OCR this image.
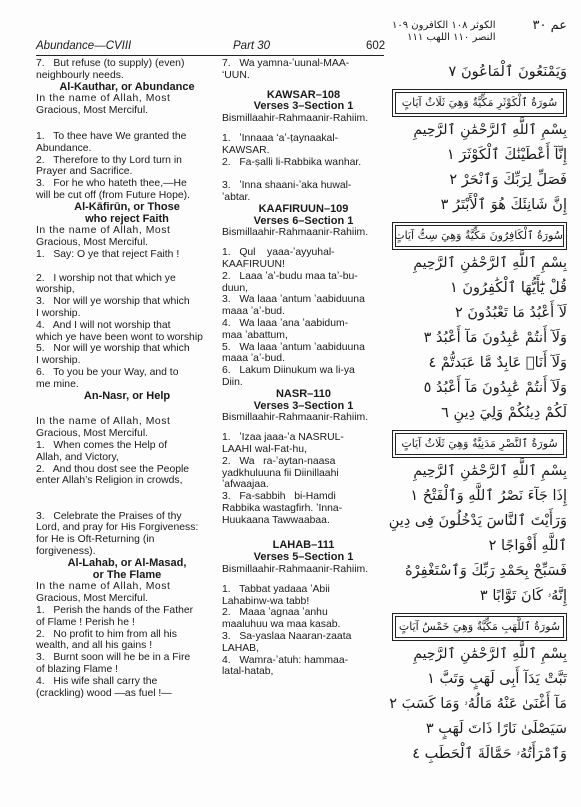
Abundance—CVIII	Part 30	602
عم ٣٠
الكوثر ١٠٨ الكافرون ١٠٩
النصر ١١٠ اللهب ١١١

7.   But refuse (to supply) (even)

neighbourly needs.

Al-Kauthar, or Abundance

In the name of Allah, Most

Gracious, Most Merciful.

1.   To thee have We granted the

Abundance.

2.   Therefore to thy Lord turn in

Prayer and Sacrifice.

3.   For he who hateth thee,—He

will be cut off (from Future Hope).

Al-Kāfirūn, or Those

who reject Faith

In the name of Allah, Most

Gracious, Most Merciful.

1.   Say: O ye that reject Faith !

2.   I worship not that which ye

worship,

3.   Nor will ye worship that which

I worship.

4.   And I will not worship that

which ye have been wont to worship

5.   Nor will ye worship that which

I worship.

6.   To you be your Way, and to

me mine.

An-Nasr, or Help

In the name of Allah, Most

Gracious, Most Merciful.

1.   When comes the Help of

Allah, and Victory,

2.   And thou dost see the People

enter Allah’s Religion in crowds,

3.   Celebrate the Praises of thy

Lord, and pray for His Forgiveness:

for He is Oft-Returning (in

forgiveness).

Al-Lahab, or Al-Masad,

or The Flame

In the name of Allah, Most

Gracious, Most Merciful.

1.   Perish the hands of the Father

of Flame ! Perish he !

2.   No profit to him from all his

wealth, and all his gains !

3.   Burnt soon will he be in a Fire

of blazing Flame !

4.   His wife shall carry the

(crackling) wood —as fuel !—

7.   Wa yamna-ʼuunal-MAA-

ʻUUN.

KAWSAR–108

Verses 3–Section 1

Bismillaahir-Rahmaanir-Rahiim.

1.   ʼInnaaa ʻaʼ-ṭaynaakal-

KAWSAR.

2.   Fa-ṣalli li-Rabbika wanhar.

3.   ʼInna shaani-ʼaka huwal-

ʼabtar.

KAAFIRUUN–109

Verses 6–Section 1

Bismillaahir-Rahmaanir-Rahiim.

1.   Qul    yaaa-ʼayyuhal-

KAAFIRUUN!

2.   Laaa ʼaʼ-budu maa taʼ-bu-

duun,

3.   Wa laaa ʼantum ʼaabiduuna

maaa ʼaʼ-bud.

4.   Wa laaa ʼana ʼaabidum-

maa ʼabattum,

5.   Wa laaa ʼantum ʼaabiduuna

maaa ʼaʼ-bud.

6.   Lakum Diinukum wa li-ya

Diin.

NASR–110

Verses 3–Section 1

Bismillaahir-Rahmaanir-Rahiim.

1.   ʼIzaa jaaa-ʼa NASRUL-

LAAHI wal-Fat-hu,

2.   Wa   ra-ʼaytan-naasa

yadkhuluuna fii Diinillaahi

ʼafwaajaa.

3.   Fa-sabbih   bi-Hamdi

Rabbika wastagfirh. ʼInna-

Huukaana Tawwaabaa.

LAHAB–111

Verses 5–Section 1

Bismillaahir-Rahmaanir-Rahiim.

1.   Tabbat yadaaa ʼAbii

Lahabinw-wa tabb!

2.   Maaa ʼagnaa ʼanhu

maaluhuu wa maa kasab.

3.   Sa-yaslaa Naaran-zaata

LAHAB,

4.   Wamra-ʼatuh: hammaa-

latal-hatab,

وَيَمْنَعُونَ ٱلْمَاعُونَ ٧
سُورَةُ ٱلْكَوْثَرِ مَكِّيَّةٌ وَهِيَ ثَلَاثُ آيَاتٍ
بِسْمِ ٱللَّهِ ٱلرَّحْمَٰنِ ٱلرَّحِيمِ
إِنَّآ أَعْطَيْنَٰكَ ٱلْكَوْثَرَ ١
فَصَلِّ لِرَبِّكَ وَٱنْحَرْ ٢
إِنَّ شَانِئَكَ هُوَ ٱلْأَبْتَرُ ٣
سُورَةُ ٱلْكَافِرُونَ مَكِّيَّةٌ وَهِيَ سِتُّ آيَاتٍ
بِسْمِ ٱللَّهِ ٱلرَّحْمَٰنِ ٱلرَّحِيمِ
قُلْ يَٰٓأَيُّهَا ٱلْكَٰفِرُونَ ١
لَآ أَعْبُدُ مَا تَعْبُدُونَ ٢
وَلَآ أَنتُمْ عَٰبِدُونَ مَآ أَعْبُدُ ٣
وَلَآ أَنَا۠ عَابِدٌ مَّا عَبَدتُّمْ ٤
وَلَآ أَنتُمْ عَٰبِدُونَ مَآ أَعْبُدُ ٥
لَكُمْ دِينُكُمْ وَلِيَ دِينِ ٦
سُورَةُ ٱلنَّصْرِ مَدَنِيَّةٌ وَهِيَ ثَلَاثُ آيَاتٍ
بِسْمِ ٱللَّهِ ٱلرَّحْمَٰنِ ٱلرَّحِيمِ
إِذَا جَآءَ نَصْرُ ٱللَّهِ وَٱلْفَتْحُ ١
وَرَأَيْتَ ٱلنَّاسَ يَدْخُلُونَ فِى دِينِ
ٱللَّهِ أَفْوَاجًا ٢
فَسَبِّحْ بِحَمْدِ رَبِّكَ وَٱسْتَغْفِرْهُ
إِنَّهُۥ كَانَ تَوَّابًا ٣
سُورَةُ ٱللَّهَبِ مَكِّيَّةٌ وَهِيَ خَمْسُ آيَاتٍ
بِسْمِ ٱللَّهِ ٱلرَّحْمَٰنِ ٱلرَّحِيمِ
تَبَّتْ يَدَآ أَبِى لَهَبٍ وَتَبَّ ١
مَآ أَغْنَىٰ عَنْهُ مَالُهُۥ وَمَا كَسَبَ ٢
سَيَصْلَىٰ نَارًا ذَاتَ لَهَبٍ ٣
وَٱمْرَأَتُهُۥ حَمَّالَةَ ٱلْحَطَبِ ٤
